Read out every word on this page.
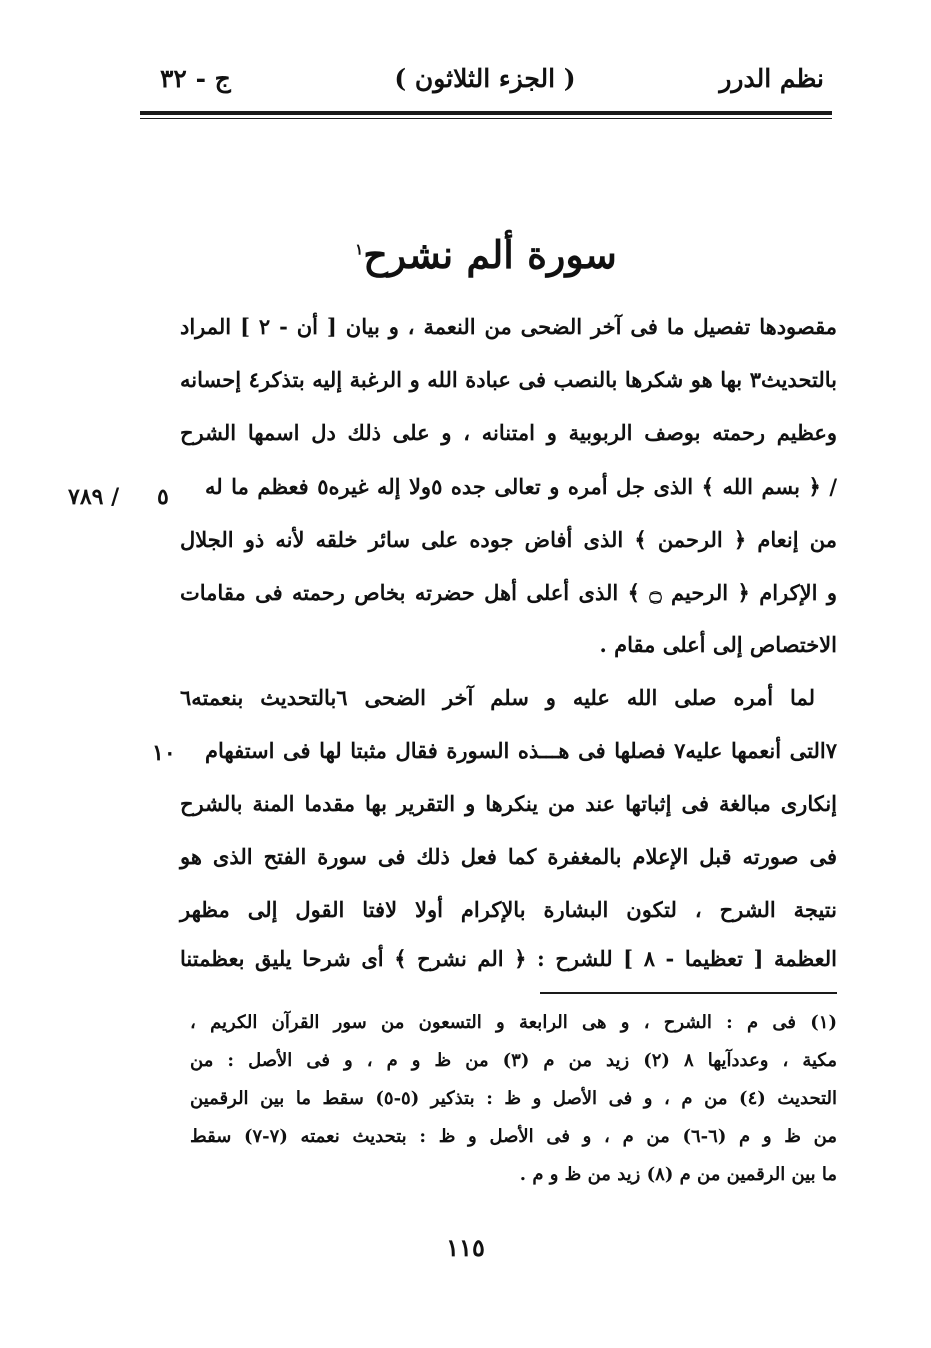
نظم الدرر
( الجزء الثلاثون )
ج - ٣٢
سورة ألم نشرح$^١$
/ ٧٨٩ ٥
١٠
مقصودها تفصيل ما فى آخر الضحى من النعمة ، و بيان [ أن - ٢ ] المراد
بالتحديث٣ بها هو شكرها بالنصب فى عبادة الله و الرغبة إليه بتذكر٤ إحسانه
وعظيم رحمته بوصف الربوبية و امتنانه ، و على ذلك دل اسمها الشرح
/ ﴿ بسم الله ﴾ الذى جل أمره و تعالى جده ٥ولا إله غيره٥ فعظم ما له
من إنعام ﴿ الرحمن ﴾ الذى أفاض جوده على سائر خلقه لأنه ذو الجلال
و الإكرام ﴿ الرحيم ۝ ﴾ الذى أعلى أهل حضرته بخاص رحمته فى مقامات
الاختصاص إلى أعلى مقام .
لما أمره صلى الله عليه و سلم آخر الضحى ٦بالتحديث بنعمته٦
٧التى أنعمها عليه٧ فصلها فى هـــذه السورة فقال مثبتا لها فى استفهام
إنكارى مبالغة فى إثباتها عند من ينكرها و التقرير بها مقدما المنة بالشرح
فى صورته قبل الإعلام بالمغفرة كما فعل ذلك فى سورة الفتح الذى هو
نتيجة الشرح ، لتكون البشارة بالإكرام أولا لافتا القول إلى مظهر
العظمة [ تعظيما - ٨ ] للشرح : ﴿ الم نشرح ﴾ أى شرحا يليق بعظمتنا
(١) فى م : الشرح ، و هى الرابعة و التسعون من سور القرآن الكريم ،
مكية ، وعددآيها ٨ (٢) زيد من م (٣) من ظ و م ، و فى الأصل : من
التحديث (٤) من م ، و فى الأصل و ظ : بتذكير (٥-٥) سقط ما بين الرقمين
من ظ و م (٦-٦) من م ، و فى الأصل و ظ : بتحديث نعمته (٧-٧) سقط
ما بين الرقمين من م (٨) زيد من ظ و م .
١١٥
